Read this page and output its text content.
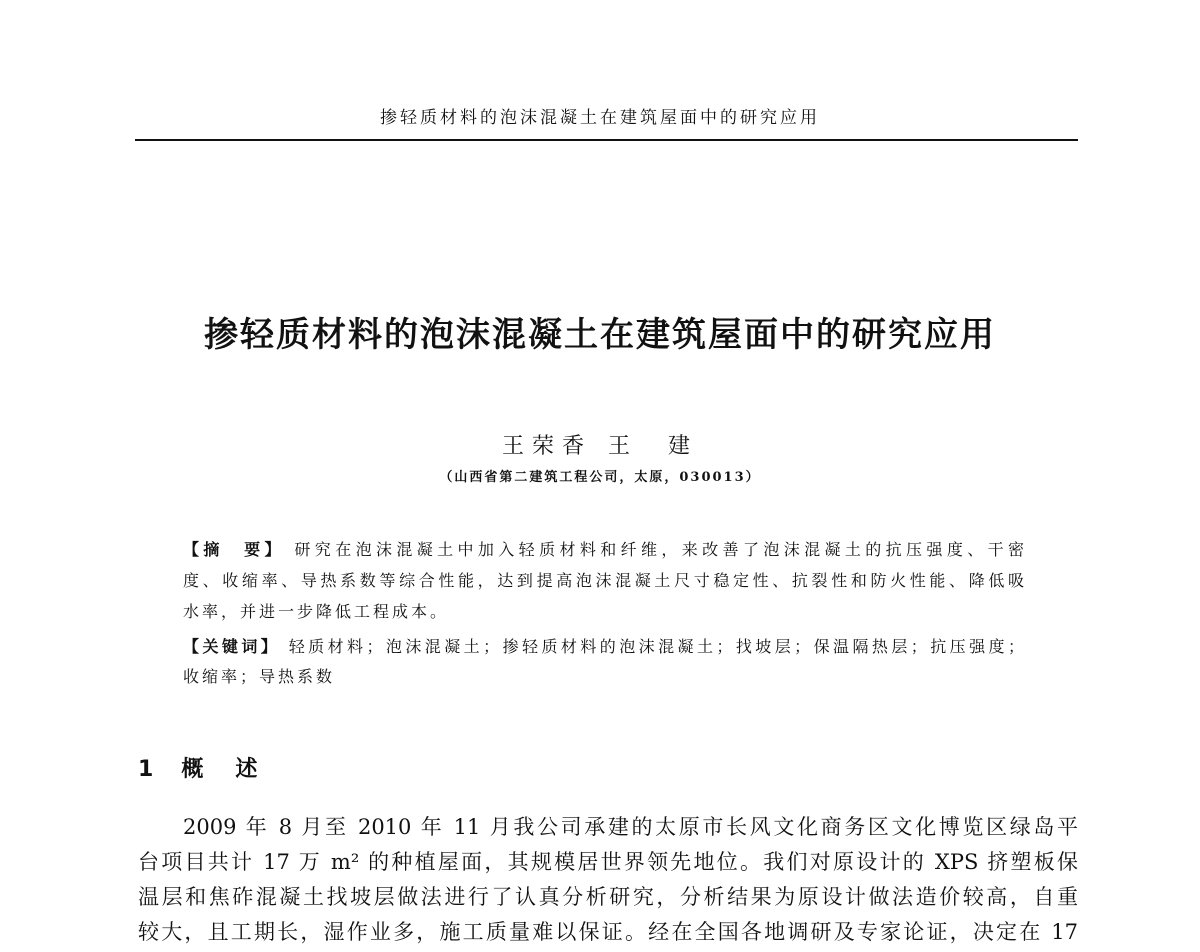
掺轻质材料的泡沫混凝土在建筑屋面中的研究应用
掺轻质材料的泡沫混凝土在建筑屋面中的研究应用
王荣香 王　建
（山西省第二建筑工程公司，太原，030013）
【摘　要】 研究在泡沫混凝土中加入轻质材料和纤维，来改善了泡沫混凝土的抗压强度、干密
度、收缩率、导热系数等综合性能，达到提高泡沫混凝土尺寸稳定性、抗裂性和防火性能、降低吸
水率，并进一步降低工程成本。
【关键词】 轻质材料；泡沫混凝土；掺轻质材料的泡沫混凝土；找坡层；保温隔热层；抗压强度；
收缩率；导热系数
1 概　述
2009 年 8 月至 2010 年 11 月我公司承建的太原市长风文化商务区文化博览区绿岛平
台项目共计 17 万 m² 的种植屋面，其规模居世界领先地位。我们对原设计的 XPS 挤塑板保
温层和焦砟混凝土找坡层做法进行了认真分析研究，分析结果为原设计做法造价较高，自重
较大，且工期长，湿作业多，施工质量难以保证。经在全国各地调研及专家论证，决定在 17
